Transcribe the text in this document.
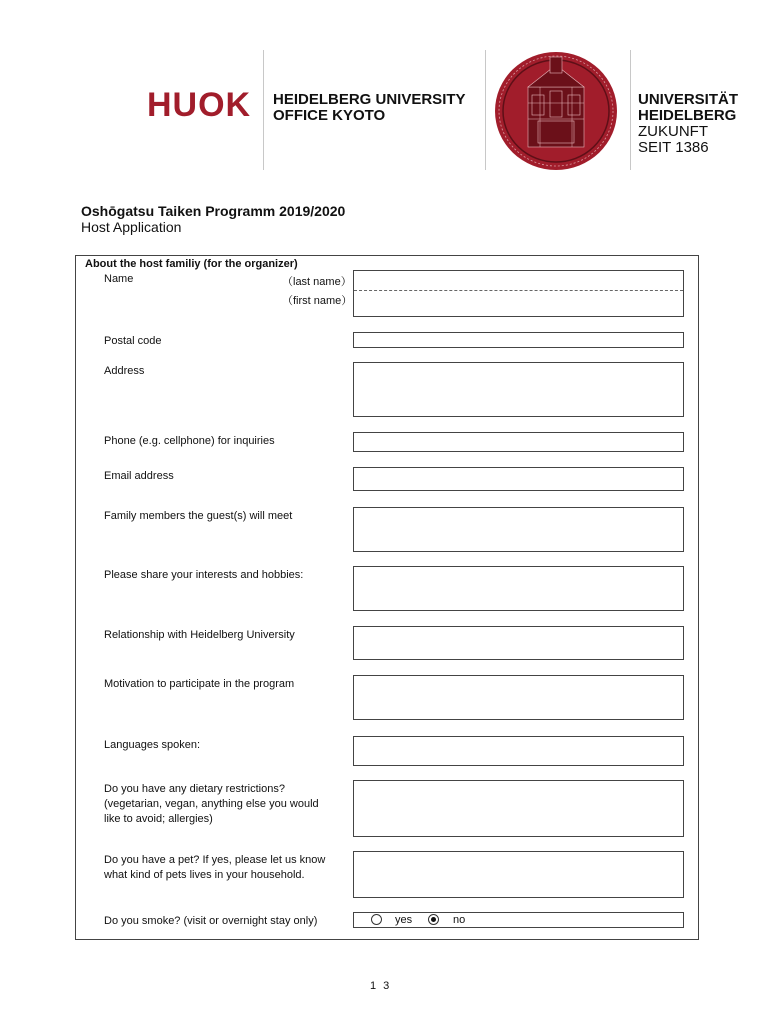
HUOK HEIDELBERG UNIVERSITY
OFFICE KYOTO
UNIVERSITÄT
HEIDELBERG
ZUKUNFT
SEIT 1386
Oshōgatsu Taiken Programm 2019/2020
Host Application
About the host familiy (for the organizer)
Name	（last name）
（first name）
Postal code
Address
Phone (e.g. cellphone) for inquiries
Email address
Family members the guest(s) will meet
Please share your interests and hobbies:
Relationship with Heidelberg University
Motivation to participate in the program
Languages spoken:
Do you have any dietary restrictions?
(vegetarian, vegan, anything else you would
like to avoid; allergies)
Do you have a pet? If yes, please let us know
what kind of pets lives in your household.
Do you smoke? (visit or overnight stay only)	yes	no
1 3
